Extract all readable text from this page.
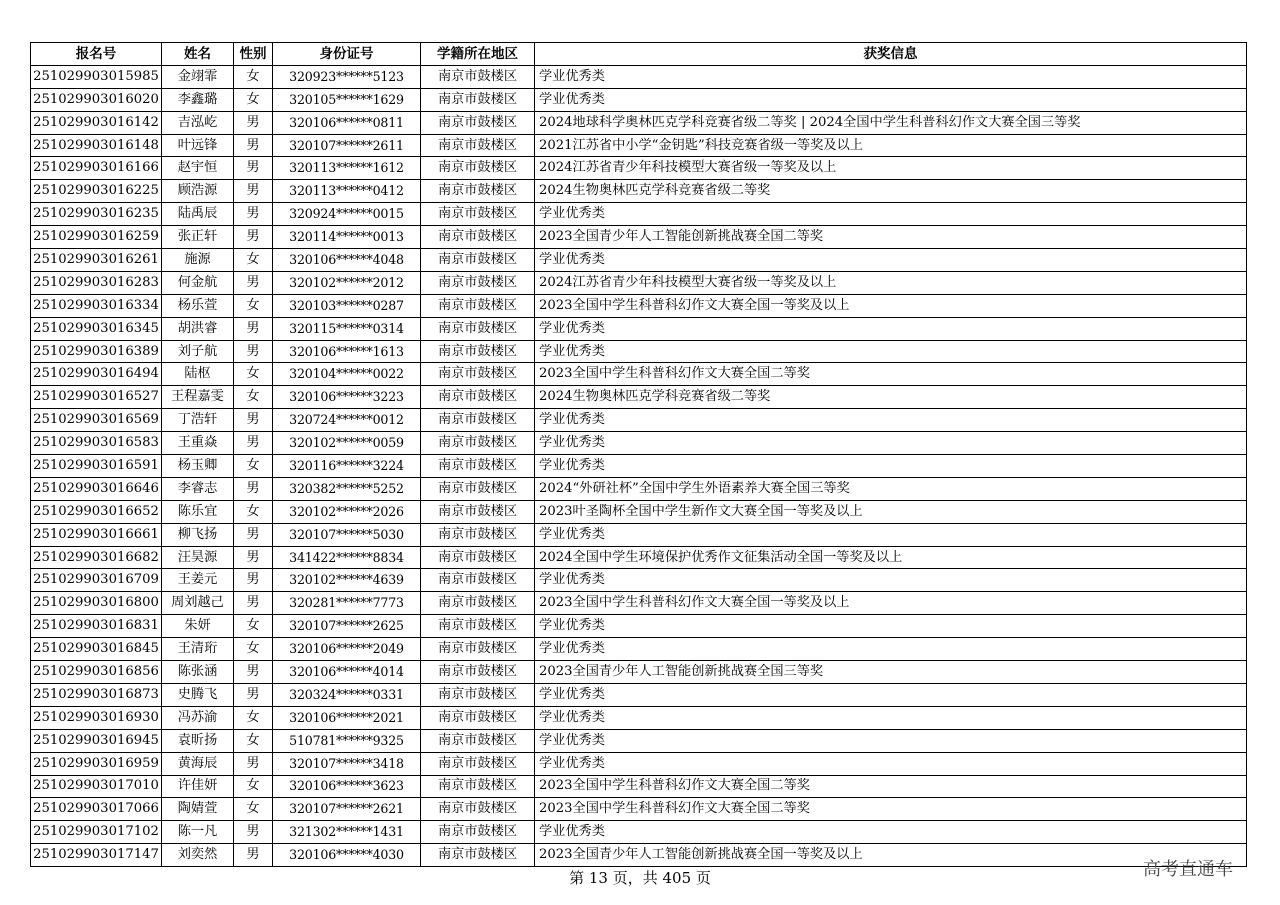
报名号	姓名	性别	身份证号	学籍所在地区	获奖信息
251029903015985	金翊霏	女	320923******5123	南京市鼓楼区	学业优秀类
251029903016020	李鑫璐	女	320105******1629	南京市鼓楼区	学业优秀类
251029903016142	吉泓屹	男	320106******0811	南京市鼓楼区	2024地球科学奥林匹克学科竞赛省级二等奖 | 2024全国中学生科普科幻作文大赛全国三等奖
251029903016148	叶远锋	男	320107******2611	南京市鼓楼区	2021江苏省中小学“金钥匙”科技竞赛省级一等奖及以上
251029903016166	赵宇恒	男	320113******1612	南京市鼓楼区	2024江苏省青少年科技模型大赛省级一等奖及以上
251029903016225	顾浩源	男	320113******0412	南京市鼓楼区	2024生物奥林匹克学科竞赛省级二等奖
251029903016235	陆禹辰	男	320924******0015	南京市鼓楼区	学业优秀类
251029903016259	张正轩	男	320114******0013	南京市鼓楼区	2023全国青少年人工智能创新挑战赛全国二等奖
251029903016261	施源	女	320106******4048	南京市鼓楼区	学业优秀类
251029903016283	何金航	男	320102******2012	南京市鼓楼区	2024江苏省青少年科技模型大赛省级一等奖及以上
251029903016334	杨乐萱	女	320103******0287	南京市鼓楼区	2023全国中学生科普科幻作文大赛全国一等奖及以上
251029903016345	胡洪睿	男	320115******0314	南京市鼓楼区	学业优秀类
251029903016389	刘子航	男	320106******1613	南京市鼓楼区	学业优秀类
251029903016494	陆枢	女	320104******0022	南京市鼓楼区	2023全国中学生科普科幻作文大赛全国二等奖
251029903016527	王程嘉雯	女	320106******3223	南京市鼓楼区	2024生物奥林匹克学科竞赛省级二等奖
251029903016569	丁浩轩	男	320724******0012	南京市鼓楼区	学业优秀类
251029903016583	王重焱	男	320102******0059	南京市鼓楼区	学业优秀类
251029903016591	杨玉卿	女	320116******3224	南京市鼓楼区	学业优秀类
251029903016646	李睿志	男	320382******5252	南京市鼓楼区	2024“外研社杯”全国中学生外语素养大赛全国三等奖
251029903016652	陈乐宜	女	320102******2026	南京市鼓楼区	2023叶圣陶杯全国中学生新作文大赛全国一等奖及以上
251029903016661	柳飞扬	男	320107******5030	南京市鼓楼区	学业优秀类
251029903016682	汪昊源	男	341422******8834	南京市鼓楼区	2024全国中学生环境保护优秀作文征集活动全国一等奖及以上
251029903016709	王姜元	男	320102******4639	南京市鼓楼区	学业优秀类
251029903016800	周刘越己	男	320281******7773	南京市鼓楼区	2023全国中学生科普科幻作文大赛全国一等奖及以上
251029903016831	朱妍	女	320107******2625	南京市鼓楼区	学业优秀类
251029903016845	王清珩	女	320106******2049	南京市鼓楼区	学业优秀类
251029903016856	陈张涵	男	320106******4014	南京市鼓楼区	2023全国青少年人工智能创新挑战赛全国三等奖
251029903016873	史腾飞	男	320324******0331	南京市鼓楼区	学业优秀类
251029903016930	冯苏渝	女	320106******2021	南京市鼓楼区	学业优秀类
251029903016945	袁昕扬	女	510781******9325	南京市鼓楼区	学业优秀类
251029903016959	黄海辰	男	320107******3418	南京市鼓楼区	学业优秀类
251029903017010	许佳妍	女	320106******3623	南京市鼓楼区	2023全国中学生科普科幻作文大赛全国二等奖
251029903017066	陶婧萱	女	320107******2621	南京市鼓楼区	2023全国中学生科普科幻作文大赛全国二等奖
251029903017102	陈一凡	男	321302******1431	南京市鼓楼区	学业优秀类
251029903017147	刘奕然	男	320106******4030	南京市鼓楼区	2023全国青少年人工智能创新挑战赛全国一等奖及以上
第 13 页，共 405 页	高考直通车
